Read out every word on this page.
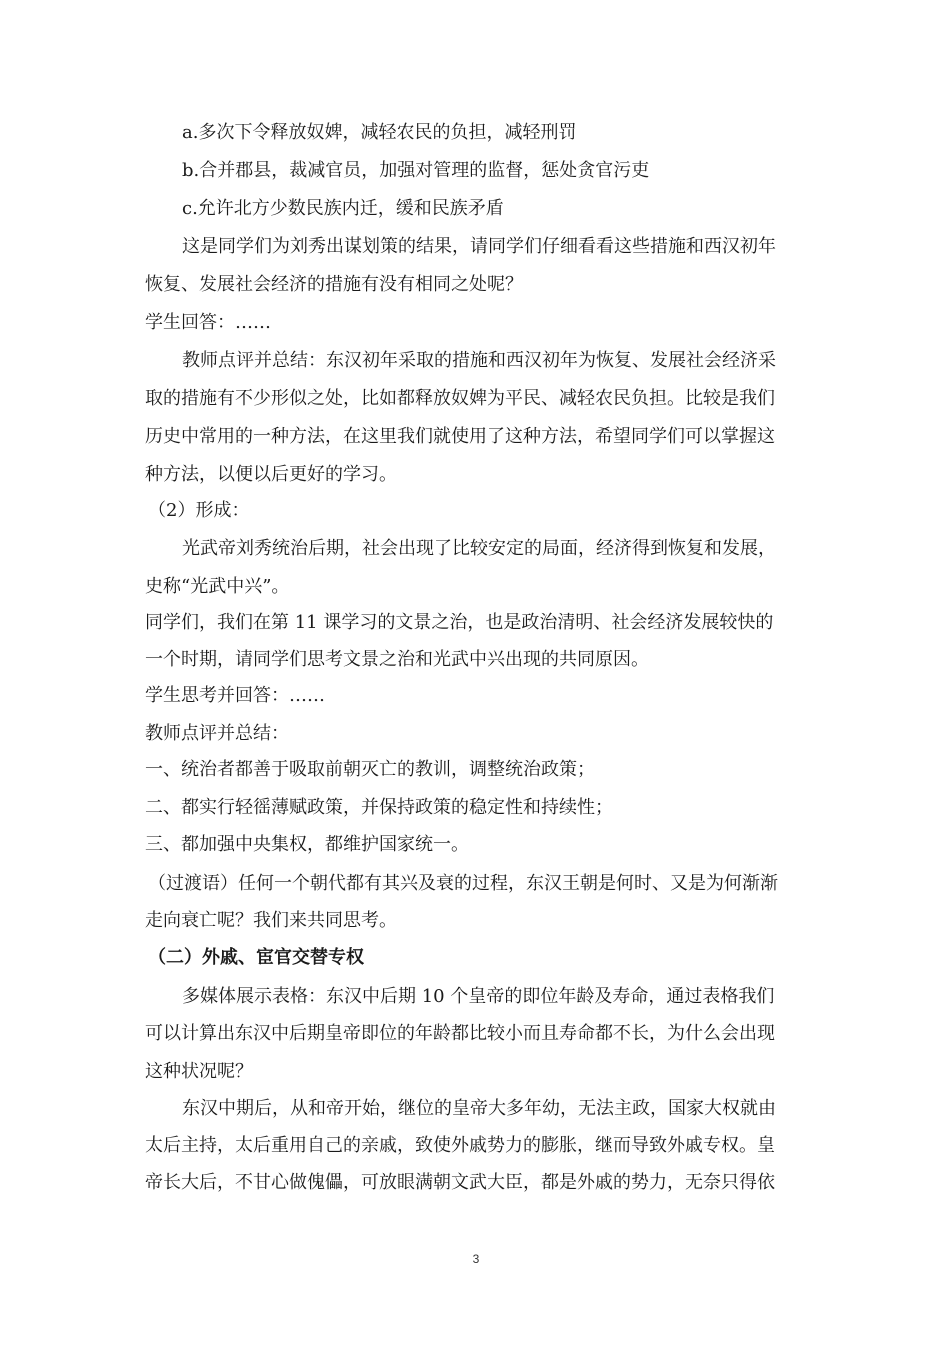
a.多次下令释放奴婢，减轻农民的负担，减轻刑罚
b.合并郡县，裁减官员，加强对管理的监督，惩处贪官污吏
c.允许北方少数民族内迁，缓和民族矛盾
这是同学们为刘秀出谋划策的结果，请同学们仔细看看这些措施和西汉初年
恢复、发展社会经济的措施有没有相同之处呢？
学生回答：……
教师点评并总结：东汉初年采取的措施和西汉初年为恢复、发展社会经济采
取的措施有不少形似之处，比如都释放奴婢为平民、减轻农民负担。比较是我们
历史中常用的一种方法，在这里我们就使用了这种方法，希望同学们可以掌握这
种方法，以便以后更好的学习。
（2）形成：
光武帝刘秀统治后期，社会出现了比较安定的局面，经济得到恢复和发展，
史称“光武中兴”。
同学们，我们在第 11 课学习的文景之治，也是政治清明、社会经济发展较快的
一个时期，请同学们思考文景之治和光武中兴出现的共同原因。
学生思考并回答：……
教师点评并总结：
一、统治者都善于吸取前朝灭亡的教训，调整统治政策；
二、都实行轻徭薄赋政策，并保持政策的稳定性和持续性；
三、都加强中央集权，都维护国家统一。
（过渡语）任何一个朝代都有其兴及衰的过程，东汉王朝是何时、又是为何渐渐
走向衰亡呢？我们来共同思考。
（二）外戚、宦官交替专权
多媒体展示表格：东汉中后期 10 个皇帝的即位年龄及寿命，通过表格我们
可以计算出东汉中后期皇帝即位的年龄都比较小而且寿命都不长，为什么会出现
这种状况呢？
东汉中期后，从和帝开始，继位的皇帝大多年幼，无法主政，国家大权就由
太后主持，太后重用自己的亲戚，致使外戚势力的膨胀，继而导致外戚专权。皇
帝长大后，不甘心做傀儡，可放眼满朝文武大臣，都是外戚的势力，无奈只得依
3
